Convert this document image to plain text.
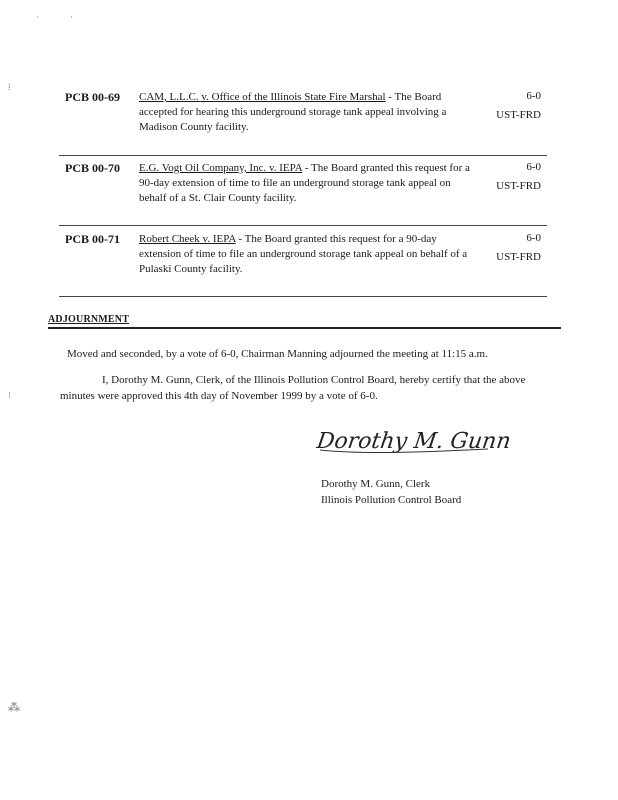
·	·
⁞
⁝
⁂
PCB 00-69 CAM, L.L.C. v. Office of the Illinois State Fire Marshal - The Board accepted for hearing this underground storage tank appeal involving a Madison County facility.
6-0
UST-FRD
PCB 00-70 E.G. Vogt Oil Company, Inc. v. IEPA - The Board granted this request for a 90-day extension of time to file an underground storage tank appeal on behalf of a St. Clair County facility.
6-0
UST-FRD
PCB 00-71 Robert Cheek v. IEPA - The Board granted this request for a 90-day extension of time to file an underground storage tank appeal on behalf of a Pulaski County facility.
6-0
UST-FRD
ADJOURNMENT
Moved and seconded, by a vote of 6-0, Chairman Manning adjourned the meeting at 11:15 a.m.
I, Dorothy M. Gunn, Clerk, of the Illinois Pollution Control Board, hereby certify that the above minutes were approved this 4th day of November 1999 by a vote of 6-0.
Dorothy M. Gunn
Dorothy M. Gunn, Clerk
Illinois Pollution Control Board
